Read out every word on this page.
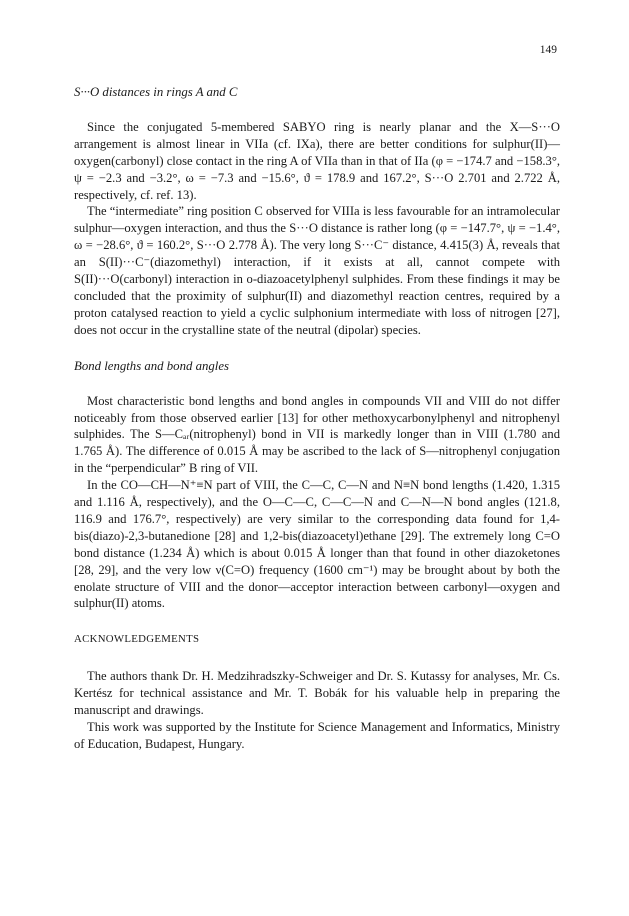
149

S···O distances in rings A and C

Since the conjugated 5-membered SABYO ring is nearly planar and the X—S···O arrangement is almost linear in VIIa (cf. IXa), there are better conditions for sulphur(II)—oxygen(carbonyl) close contact in the ring A of VIIa than in that of IIa (φ = −174.7 and −158.3°, ψ = −2.3 and −3.2°, ω = −7.3 and −15.6°, ϑ = 178.9 and 167.2°, S···O 2.701 and 2.722 Å, respectively, cf. ref. 13).

The “intermediate” ring position C observed for VIIIa is less favourable for an intramolecular sulphur—oxygen interaction, and thus the S···O distance is rather long (φ = −147.7°, ψ = −1.4°, ω = −28.6°, ϑ = 160.2°, S···O 2.778 Å). The very long S···C⁻ distance, 4.415(3) Å, reveals that an S(II)···C⁻(diazomethyl) interaction, if it exists at all, cannot compete with S(II)···O(carbonyl) interaction in o-diazoacetylphenyl sulphides. From these findings it may be concluded that the proximity of sulphur(II) and diazomethyl reaction centres, required by a proton catalysed reaction to yield a cyclic sulphonium intermediate with loss of nitrogen [27], does not occur in the crystalline state of the neutral (dipolar) species.

Bond lengths and bond angles

Most characteristic bond lengths and bond angles in compounds VII and VIII do not differ noticeably from those observed earlier [13] for other methoxycarbonylphenyl and nitrophenyl sulphides. The S—Cₐᵣ(nitrophenyl) bond in VII is markedly longer than in VIII (1.780 and 1.765 Å). The difference of 0.015 Å may be ascribed to the lack of S—nitrophenyl conjugation in the “perpendicular” B ring of VII.

In the CO—CH—N⁺≡N part of VIII, the C—C, C—N and N≡N bond lengths (1.420, 1.315 and 1.116 Å, respectively), and the O—C—C, C—C—N and C—N—N bond angles (121.8, 116.9 and 176.7°, respectively) are very similar to the corresponding data found for 1,4-bis(diazo)-2,3-butanedione [28] and 1,2-bis(diazoacetyl)ethane [29]. The extremely long C=O bond distance (1.234 Å) which is about 0.015 Å longer than that found in other diazoketones [28, 29], and the very low ν(C=O) frequency (1600 cm⁻¹) may be brought about by both the enolate structure of VIII and the donor—acceptor interaction between carbonyl—oxygen and sulphur(II) atoms.

ACKNOWLEDGEMENTS

The authors thank Dr. H. Medzihradszky-Schweiger and Dr. S. Kutassy for analyses, Mr. Cs. Kertész for technical assistance and Mr. T. Bobák for his valuable help in preparing the manuscript and drawings.

This work was supported by the Institute for Science Management and Informatics, Ministry of Education, Budapest, Hungary.
